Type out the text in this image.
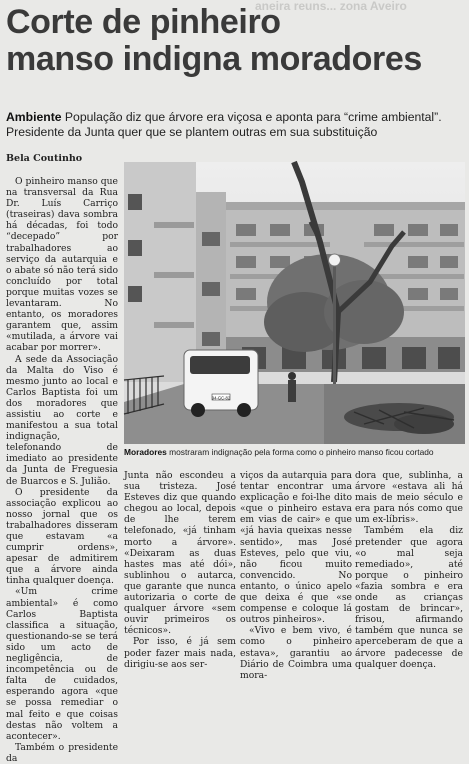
aneira reuns... zona Aveiro
Corte de pinheiro
manso indigna moradores
Ambiente População diz que árvore era viçosa e aponta para “crime ambiental”. Presidente da Junta quer que se plantem outras em sua substituição
Bela Coutinho

O pinheiro manso que na transversal da Rua Dr. Luís Carriço (traseiras) dava sombra há décadas, foi todo “decepado” por trabalhadores ao serviço da autarquia e o abate só não terá sido concluído por total porque muitas vozes se levantaram. No entanto, os moradores garantem que, assim «mutilada, a árvore vai acabar por morrer».

A sede da Associação da Malta do Viso é mesmo junto ao local e Carlos Baptista foi um dos moradores que assistiu ao corte e manifestou a sua total indignação, telefonando de imediato ao presidente da Junta de Freguesia de Buarcos e S. Julião.

O presidente da associação explicou ao nosso jornal que os trabalhadores disseram que estavam «a cumprir ordens», apesar de admitirem que a árvore ainda tinha qualquer doença.

«Um crime ambiental» é como Carlos Baptista classifica a situação, questionando-se se terá sido um acto de negligência, de incompetência ou de falta de cuidados, esperando agora «que se possa remediar o mal feito e que coisas destas não voltem a acontecer».

Também o presidente da

94-GC-82
Moradores mostraram indignação pela forma como o pinheiro manso ficou cortado

Junta não escondeu a sua tristeza. José Esteves diz que quando chegou ao local, depois de lhe terem telefonado, «já tinham morto a árvore». «Deixaram as duas hastes mas até dói», sublinhou o autarca, que garante que nunca autorizaria o corte de qualquer árvore «sem ouvir primeiros os técnicos».

Por isso, é já sem poder fazer mais nada, dirigiu-se aos ser-

viços da autarquia para tentar encontrar uma explicação e foi-lhe dito «que o pinheiro estava em vias de cair» e que «já havia queixas nesse sentido», mas José Esteves, pelo que viu, não ficou muito convencido. No entanto, o único apelo que deixa é que «se compense e coloque lá outros pinheiros».

«Vivo e bem vivo, é como o pinheiro estava», garantiu ao Diário de Coimbra uma mora-

dora que, sublinha, a árvore «estava ali há mais de meio século e era para nós como que um ex-líbris».

Também ela diz pretender que agora «o mal seja remediado», até porque o pinheiro «fazia sombra e era onde as crianças gostam de brincar», frisou, afirmando também que nunca se aperceberam de que a árvore padecesse de qualquer doença.
